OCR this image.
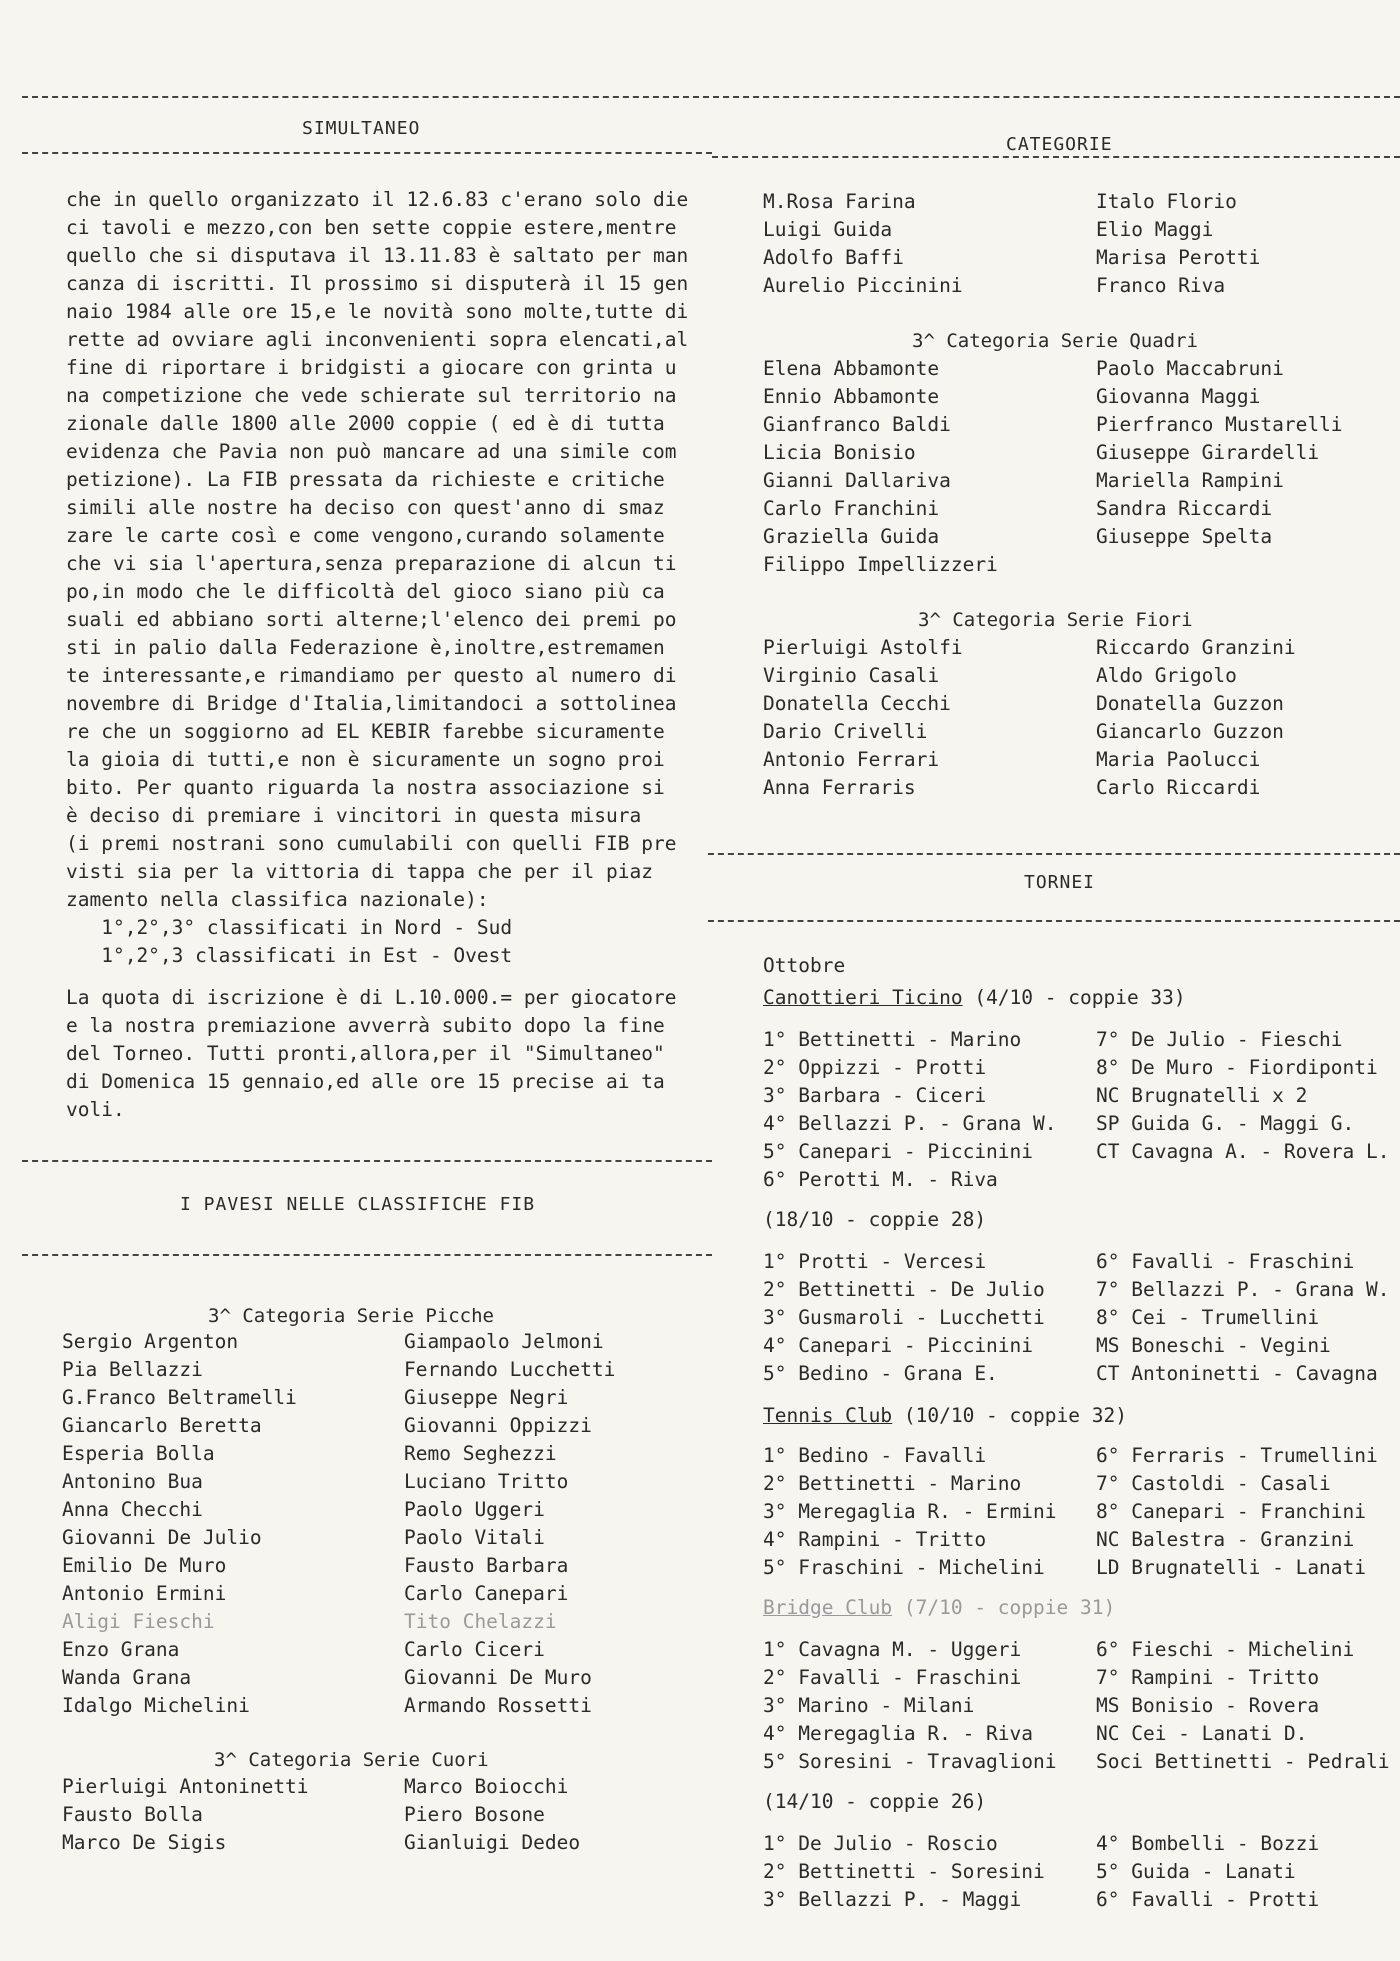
SIMULTANEO
che in quello organizzato il 12.6.83 c'erano solo die
ci tavoli e mezzo,con ben sette coppie estere,mentre
quello che si disputava il 13.11.83 è saltato per man
canza di iscritti. Il prossimo si disputerà il 15 gen
naio 1984 alle ore 15,e le novità sono molte,tutte di
rette ad ovviare agli inconvenienti sopra elencati,al
fine di riportare i bridgisti a giocare con grinta u
na competizione che vede schierate sul territorio na
zionale dalle 1800 alle 2000 coppie ( ed è di tutta
evidenza che Pavia non può mancare ad una simile com
petizione). La FIB pressata da richieste e critiche
simili alle nostre ha deciso con quest'anno di smaz
zare le carte così e come vengono,curando solamente
che vi sia l'apertura,senza preparazione di alcun ti
po,in modo che le difficoltà del gioco siano più ca
suali ed abbiano sorti alterne;l'elenco dei premi po
sti in palio dalla Federazione è,inoltre,estremamen
te interessante,e rimandiamo per questo al numero di
novembre di Bridge d'Italia,limitandoci a sottolinea
re che un soggiorno ad EL KEBIR farebbe sicuramente
la gioia di tutti,e non è sicuramente un sogno proi
bito. Per quanto riguarda la nostra associazione si
è deciso di premiare i vincitori in questa misura
(i premi nostrani sono cumulabili con quelli FIB pre
visti sia per la vittoria di tappa che per il piaz
zamento nella classifica nazionale):
1°,2°,3° classificati in Nord - Sud
1°,2°,3 classificati in Est - Ovest
La quota di iscrizione è di L.10.000.= per giocatore
e la nostra premiazione avverrà subito dopo la fine
del Torneo. Tutti pronti,allora,per il "Simultaneo"
di Domenica 15 gennaio,ed alle ore 15 precise ai ta
voli.
I PAVESI NELLE CLASSIFICHE FIB
3^ Categoria Serie Picche
Sergio Argenton	Giampaolo Jelmoni
Pia Bellazzi	Fernando Lucchetti
G.Franco Beltramelli	Giuseppe Negri
Giancarlo Beretta	Giovanni Oppizzi
Esperia Bolla	Remo Seghezzi
Antonino Bua	Luciano Tritto
Anna Checchi	Paolo Uggeri
Giovanni De Julio	Paolo Vitali
Emilio De Muro	Fausto Barbara
Antonio Ermini	Carlo Canepari
Aligi Fieschi	Tito Chelazzi
Enzo Grana	Carlo Ciceri
Wanda Grana	Giovanni De Muro
Idalgo Michelini	Armando Rossetti
3^ Categoria Serie Cuori
Pierluigi Antoninetti	Marco Boiocchi
Fausto Bolla	Piero Bosone
Marco De Sigis	Gianluigi Dedeo
CATEGORIE
M.Rosa Farina	Italo Florio
Luigi Guida	Elio Maggi
Adolfo Baffi	Marisa Perotti
Aurelio Piccinini	Franco Riva
3^ Categoria Serie Quadri
Elena Abbamonte	Paolo Maccabruni
Ennio Abbamonte	Giovanna Maggi
Gianfranco Baldi	Pierfranco Mustarelli
Licia Bonisio	Giuseppe Girardelli
Gianni Dallariva	Mariella Rampini
Carlo Franchini	Sandra Riccardi
Graziella Guida	Giuseppe Spelta
Filippo Impellizzeri
3^ Categoria Serie Fiori
Pierluigi Astolfi	Riccardo Granzini
Virginio Casali	Aldo Grigolo
Donatella Cecchi	Donatella Guzzon
Dario Crivelli	Giancarlo Guzzon
Antonio Ferrari	Maria Paolucci
Anna Ferraris	Carlo Riccardi
TORNEI
Ottobre
Canottieri Ticino (4/10 - coppie 33)
1° Bettinetti - Marino	7° De Julio - Fieschi
2° Oppizzi - Protti	8° De Muro - Fiordiponti
3° Barbara - Ciceri	NC Brugnatelli x 2
4° Bellazzi P. - Grana W. SP Guida G. - Maggi G.
5° Canepari - Piccinini	CT Cavagna A. - Rovera L.
6° Perotti M. - Riva
(18/10 - coppie 28)
1° Protti - Vercesi	6° Favalli - Fraschini
2° Bettinetti - De Julio	7° Bellazzi P. - Grana W.
3° Gusmaroli - Lucchetti	8° Cei - Trumellini
4° Canepari - Piccinini	MS Boneschi - Vegini
5° Bedino - Grana E.	CT Antoninetti - Cavagna
Tennis Club (10/10 - coppie 32)
1° Bedino - Favalli	6° Ferraris - Trumellini
2° Bettinetti - Marino	7° Castoldi - Casali
3° Meregaglia R. - Ermini 8° Canepari - Franchini
4° Rampini - Tritto	NC Balestra - Granzini
5° Fraschini - Michelini	LD Brugnatelli - Lanati
Bridge Club (7/10 - coppie 31)
1° Cavagna M. - Uggeri	6° Fieschi - Michelini
2° Favalli - Fraschini	7° Rampini - Tritto
3° Marino - Milani	MS Bonisio - Rovera
4° Meregaglia R. - Riva	NC Cei - Lanati D.
5° Soresini - Travaglioni Soci Bettinetti - Pedrali
(14/10 - coppie 26)
1° De Julio - Roscio	4° Bombelli - Bozzi
2° Bettinetti - Soresini	5° Guida - Lanati
3° Bellazzi P. - Maggi	6° Favalli - Protti
